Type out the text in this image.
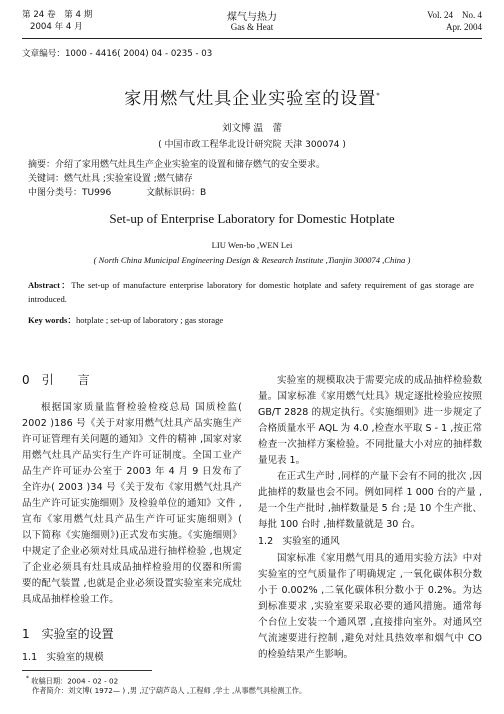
第 24 卷　第 4 期
2004 年 4 月
煤气与热力
Gas & Heat
Vol. 24　No. 4
Apr. 2004
文章编号：1000 - 4416( 2004) 04 - 0235 - 03
家用燃气灶具企业实验室的设置*
刘文博 温　蕾
( 中国市政工程华北设计研究院 天津 300074 )
摘要：介绍了家用燃气灶具生产企业实验室的设置和储存燃气的安全要求。
关键词：燃气灶具 ;实验室设置 ;燃气储存
中图分类号：TU996	文献标识码：B
Set-up of Enterprise Laboratory for Domestic Hotplate
LIU Wen-bo ,WEN Lei
( North China Municipal Engineering Design & Research Institute ,Tianjin 300074 ,China )
Abstract：The set-up of manufacture enterprise laboratory for domestic hotplate and safety requirement of gas storage are introduced.
Key words：hotplate ; set-up of laboratory ; gas storage
0　引　　言

根据国家质量监督检验检疫总局 国质检监( 2002 )186 号《关于对家用燃气灶具产品实施生产许可证管理有关问题的通知》文件的精神 ,国家对家用燃气灶具产品实行生产许可证制度。全国工业产品生产许可证办公室于 2003 年 4 月 9 日发布了 全许办( 2003 )34 号《关于发布《家用燃气灶具产品生产许可证实施细则》及检验单位的通知》文件 ,宣布《家用燃气灶具产品生产许可证实施细则》( 以下简称《实施细则》)正式发布实施。《实施细则》中规定了企业必须对灶具成品进行抽样检验 ,也规定了企业必须具有灶具成品抽样检验用的仪器和所需要的配气装置 ,也就是企业必须设置实验室来完成灶具成品抽样检验工作。

1　实验室的设置
1.1　实验室的规模

实验室的规模取决于需要完成的成品抽样检验数量。国家标准《家用燃气灶具》规定逐批检验应按照 GB/T 2828 的规定执行。《实施细则》进一步规定了合格质量水平 AQL 为 4.0 ,检查水平取 S - 1 ,按正常检查一次抽样方案检验。不同批量大小对应的抽样数量见表 1。

在正式生产时 ,同样的产量下会有不同的批次 ,因此抽样的数量也会不同。例如同样 1 000 台的产量 ,是一个生产批时 ,抽样数量是 5 台 ;是 10 个生产批、每批 100 台时 ,抽样数量就是 30 台。

1.2　实验室的通风

国家标准《家用燃气用具的通用实验方法》中对实验室的空气质量作了明确规定 ,一氧化碳体积分数小于 0.002% ,二氧化碳体积分数小于 0.2%。为达到标准要求 ,实验室要采取必要的通风措施。通常每个台位上安装一个通风罩 ,直接排向室外。对通风空气流速要进行控制 ,避免对灶具热效率和烟气中 CO 的检验结果产生影响。

* 收稿日期：2004 - 02 - 02
作者简介：刘文博( 1972— ) ,男 ,辽宁葫芦岛人 ,工程师 ,学士 ,从事燃气具检测工作。
